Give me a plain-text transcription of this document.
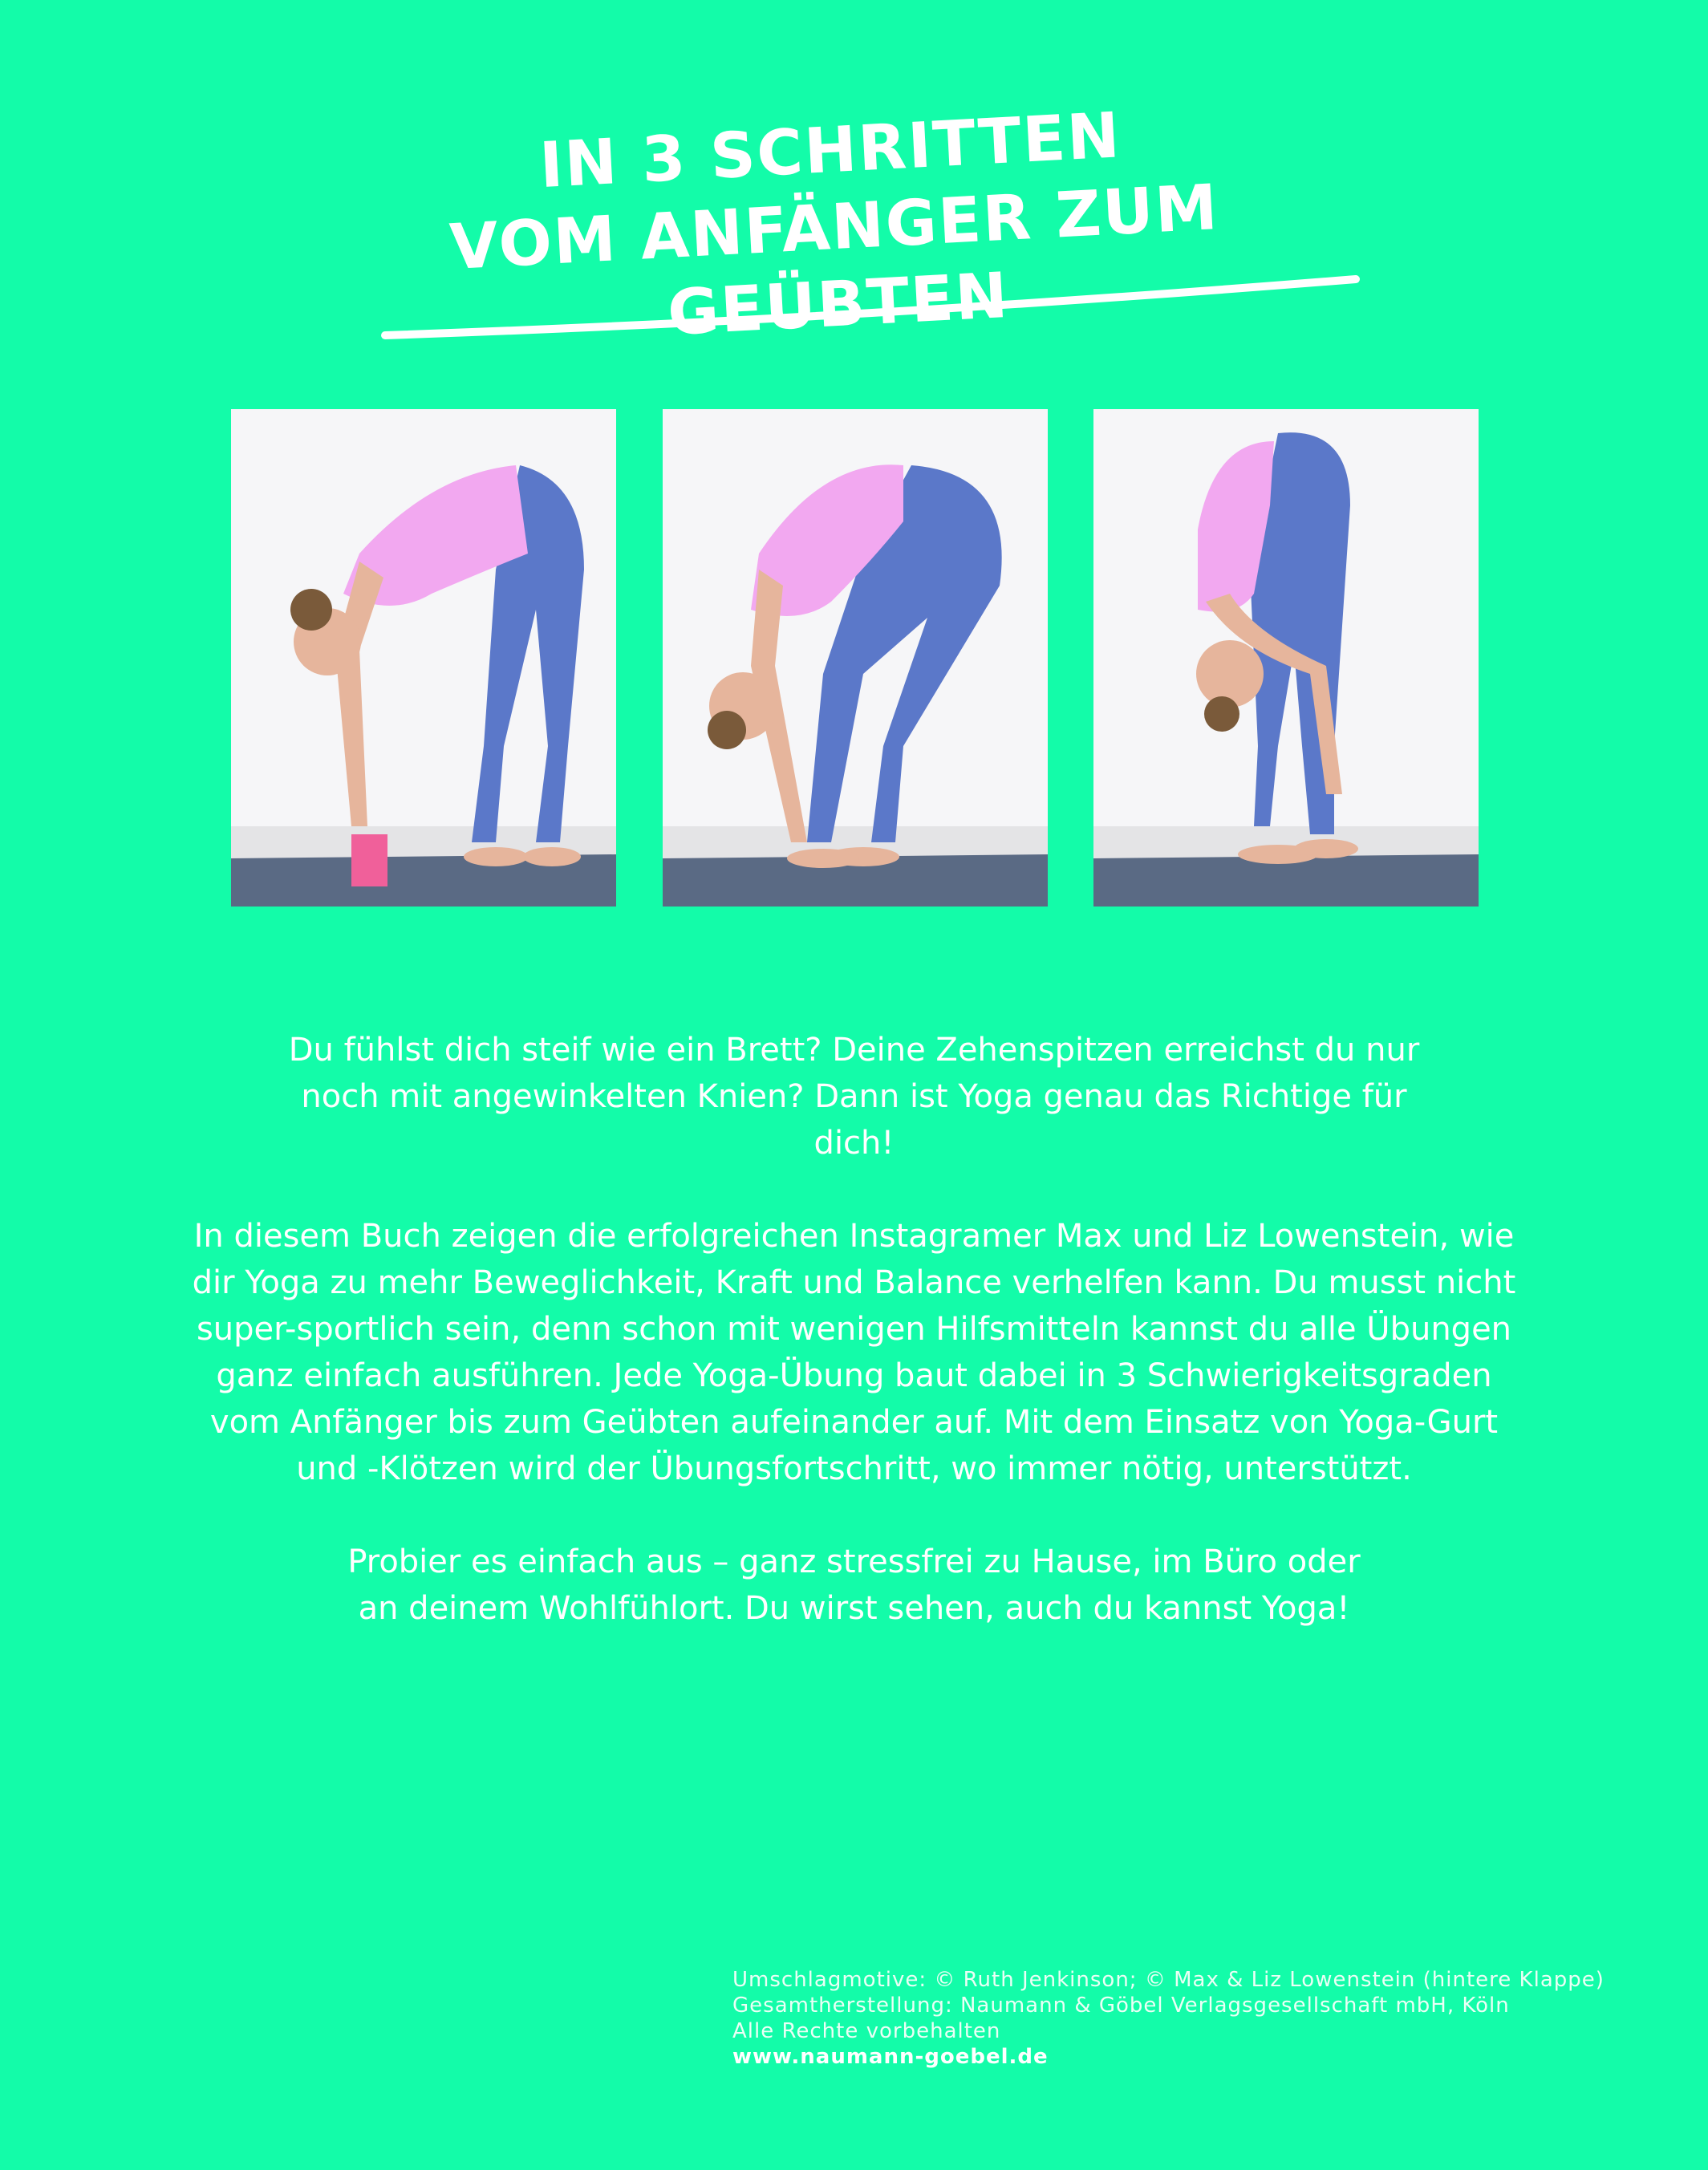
IN 3 SCHRITTEN
VOM ANFÄNGER ZUM GEÜBTEN

Du fühlst dich steif wie ein Brett? Deine Zehenspitzen erreichst du nur noch mit angewinkelten Knien? Dann ist Yoga genau das Richtige für dich!

In diesem Buch zeigen die erfolgreichen Instagramer Max und Liz Lowenstein, wie dir Yoga zu mehr Beweglichkeit, Kraft und Balance verhelfen kann. Du musst nicht super-sportlich sein, denn schon mit wenigen Hilfsmitteln kannst du alle Übungen ganz einfach ausführen. Jede Yoga-Übung baut dabei in 3 Schwierigkeitsgraden vom Anfänger bis zum Geübten aufeinander auf. Mit dem Einsatz von Yoga-Gurt und -Klötzen wird der Übungsfortschritt, wo immer nötig, unterstützt.

Probier es einfach aus – ganz stressfrei zu Hause, im Büro oder an deinem Wohlfühlort. Du wirst sehen, auch du kannst Yoga!

Umschlagmotive: © Ruth Jenkinson; © Max & Liz Lowenstein (hintere Klappe)
Gesamtherstellung: Naumann & Göbel Verlagsgesellschaft mbH, Köln
Alle Rechte vorbehalten
www.naumann-goebel.de
